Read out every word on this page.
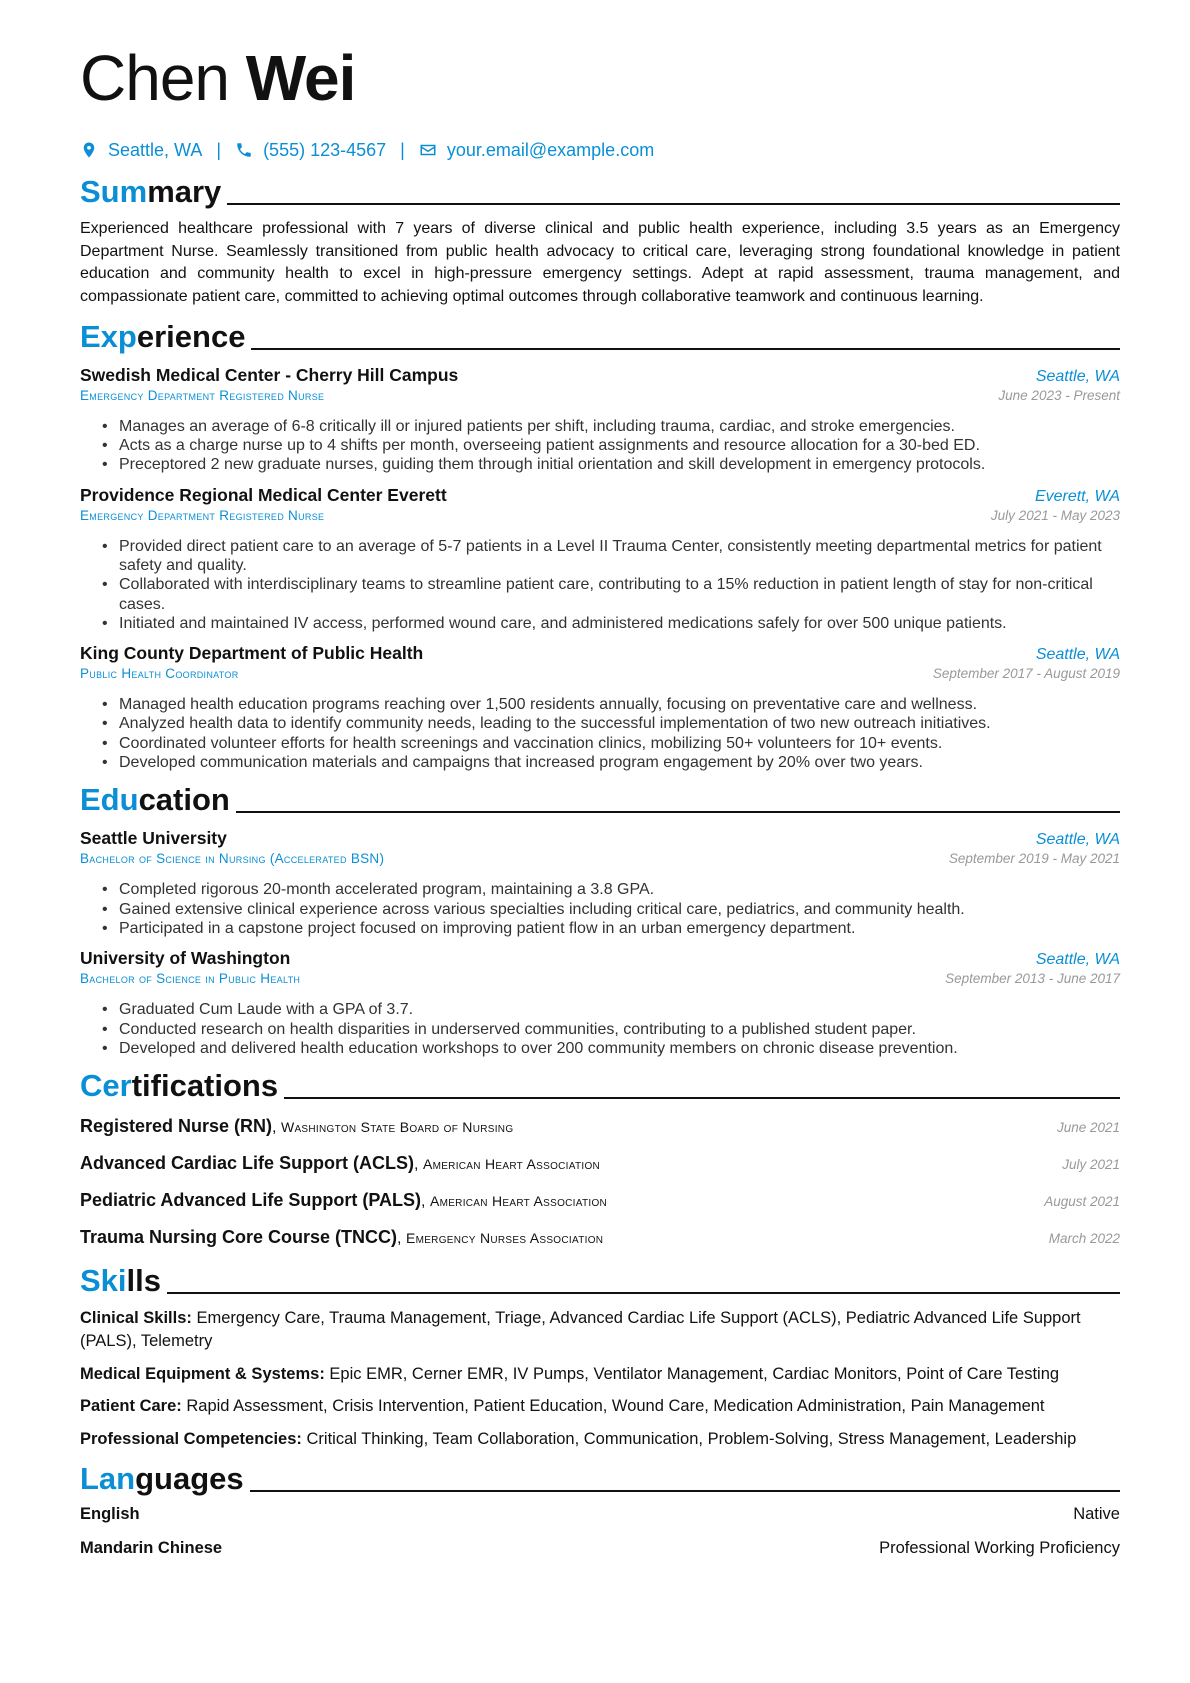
Chen Wei
Seattle, WA | (555) 123-4567 | your.email@example.com
Summary

Experienced healthcare professional with 7 years of diverse clinical and public health experience, including 3.5 years as an Emergency Department Nurse. Seamlessly transitioned from public health advocacy to critical care, leveraging strong foundational knowledge in patient education and community health to excel in high-pressure emergency settings. Adept at rapid assessment, trauma management, and compassionate patient care, committed to achieving optimal outcomes through collaborative teamwork and continuous learning.

Experience
Swedish Medical Center - Cherry Hill Campus	Seattle, WA
Emergency Department Registered Nurse	June 2023 - Present
• Manages an average of 6-8 critically ill or injured patients per shift, including trauma, cardiac, and stroke emergencies.
• Acts as a charge nurse up to 4 shifts per month, overseeing patient assignments and resource allocation for a 30-bed ED.
• Preceptored 2 new graduate nurses, guiding them through initial orientation and skill development in emergency protocols.
Providence Regional Medical Center Everett	Everett, WA
Emergency Department Registered Nurse	July 2021 - May 2023
• Provided direct patient care to an average of 5-7 patients in a Level II Trauma Center, consistently meeting departmental metrics for patient safety and quality.
• Collaborated with interdisciplinary teams to streamline patient care, contributing to a 15% reduction in patient length of stay for non-critical cases.
• Initiated and maintained IV access, performed wound care, and administered medications safely for over 500 unique patients.
King County Department of Public Health	Seattle, WA
Public Health Coordinator	September 2017 - August 2019
• Managed health education programs reaching over 1,500 residents annually, focusing on preventative care and wellness.
• Analyzed health data to identify community needs, leading to the successful implementation of two new outreach initiatives.
• Coordinated volunteer efforts for health screenings and vaccination clinics, mobilizing 50+ volunteers for 10+ events.
• Developed communication materials and campaigns that increased program engagement by 20% over two years.
Education
Seattle University	Seattle, WA
Bachelor of Science in Nursing (Accelerated BSN)	September 2019 - May 2021
• Completed rigorous 20-month accelerated program, maintaining a 3.8 GPA.
• Gained extensive clinical experience across various specialties including critical care, pediatrics, and community health.
• Participated in a capstone project focused on improving patient flow in an urban emergency department.
University of Washington	Seattle, WA
Bachelor of Science in Public Health	September 2013 - June 2017
• Graduated Cum Laude with a GPA of 3.7.
• Conducted research on health disparities in underserved communities, contributing to a published student paper.
• Developed and delivered health education workshops to over 200 community members on chronic disease prevention.
Certifications
Registered Nurse (RN), Washington State Board of Nursing	June 2021
Advanced Cardiac Life Support (ACLS), American Heart Association	July 2021
Pediatric Advanced Life Support (PALS), American Heart Association	August 2021
Trauma Nursing Core Course (TNCC), Emergency Nurses Association	March 2022
Skills
Clinical Skills: Emergency Care, Trauma Management, Triage, Advanced Cardiac Life Support (ACLS), Pediatric Advanced Life Support (PALS), Telemetry
Medical Equipment & Systems: Epic EMR, Cerner EMR, IV Pumps, Ventilator Management, Cardiac Monitors, Point of Care Testing
Patient Care: Rapid Assessment, Crisis Intervention, Patient Education, Wound Care, Medication Administration, Pain Management
Professional Competencies: Critical Thinking, Team Collaboration, Communication, Problem-Solving, Stress Management, Leadership
Languages
English	Native
Mandarin Chinese	Professional Working Proficiency
